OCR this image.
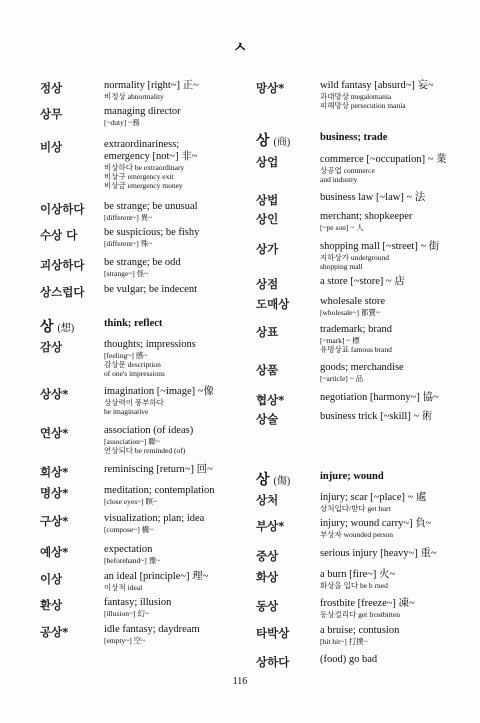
ㅅ
정상	normality [right~] 正~
비정상 abnormality
상무	managing director
[~duty] ~務
비상	extraordinariness;
emergency [not~] 非~
비상하다 be extraordinary
비상구 emergency exit
비상금 emergency money
이상하다	be strange; be unusual
[different~] 異~
수상 다	be suspicious; be fishy
[different~] 殊~
괴상하다	be strange; be odd
[strange~] 怪~
상스럽다	be vulgar; be indecent
상 (想)	think; reflect
감상	thoughts; impressions
[feeling~] 感~
감상문 description
of one's impressions
상상*	imagination [~image] ~像
상상력이 풍부하다
be imaginative
연상*	association (of ideas)
[association~] 聯~
연상되다 be reminded (of)
회상*	reminiscing [return~] 回~
명상*	meditation; contemplation
[close eyes~] 瞑~
구상*	visualization; plan; idea
[compose~] 構~
예상*	expectation
[beforehand~] 豫~
이상	an ideal [principle~] 理~
이상적 ideal
환상	fantasy; illusion
[illusion~] 幻~
공상*	idle fantasy; daydream
[empty~] 空~
망상*	wild fantasy [absurd~] 妄~
과대망상 megalomania
피해망상 persecution mania
상 (商)	business; trade
상업	commerce [~occupation] ~ 業
상공업 commerce
and industry
상법	business law [~law] ~ 法
상인	merchant; shopkeeper
[~pe son] ~ 人
상가	shopping mall [~street] ~ 街
지하상가 underground
shopping mall
상점	a store [~store] ~ 店
도매상	wholesale store
[wholesale~] 都賣~
상표	trademark; brand
[~mark] ~ 標
유명상표 famous brand
상품	goods; merchandise
[~article] ~ 品
협상*	negotiation [harmony~] 協~
상술	business trick [~skill] ~ 術
상 (傷)	injure; wound
상처	injury; scar [~place] ~ 處
상처입다/받다 get hurt
부상*	injury; wound carry~] 負~
부상자 wounded person
중상	serious injury [heavy~] 重~
화상	a burn [fire~] 火~
화상을 입다 be b rned
동상	frostbite [freeze~] 凍~
동상걸리다 get frostbitten
타박상	a bruise; contusion
[hit hit~] 打撲~
상하다	(food) go bad
116
